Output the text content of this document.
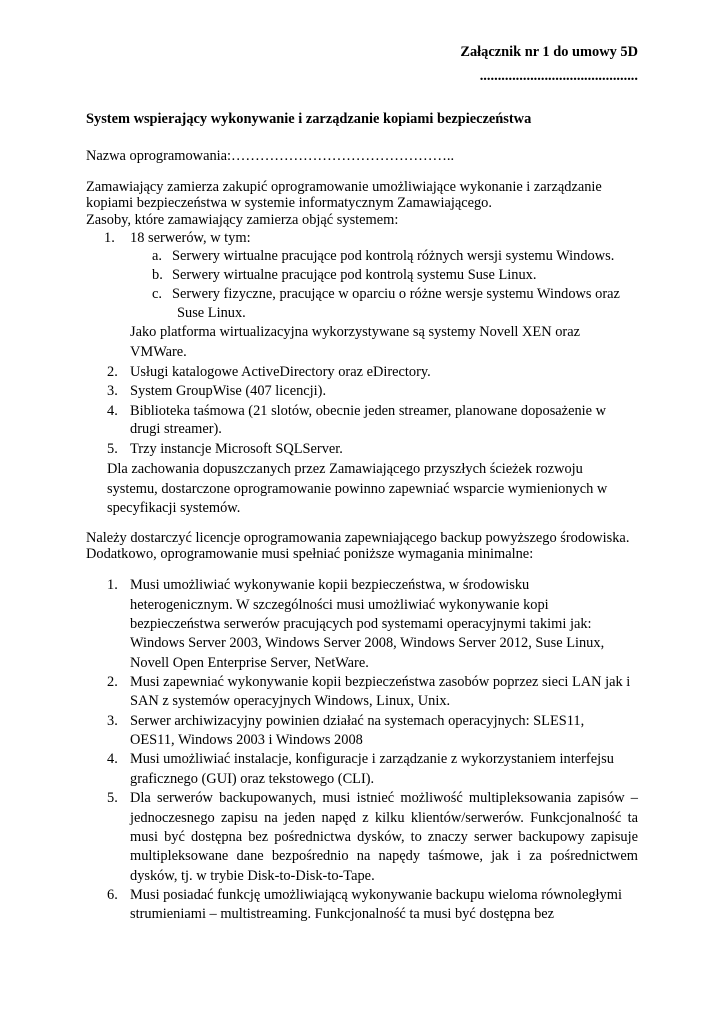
Załącznik nr 1 do umowy 5D
............................................
System wspierający wykonywanie i zarządzanie kopiami bezpieczeństwa
Nazwa oprogramowania:………………………………………..
Zamawiający zamierza zakupić oprogramowanie umożliwiające wykonanie i zarządzanie
kopiami bezpieczeństwa w systemie informatycznym Zamawiającego.
Zasoby, które zamawiający zamierza objąć systemem:
1. 18 serwerów, w tym:
a. Serwery wirtualne pracujące pod kontrolą różnych wersji systemu Windows.
b. Serwery wirtualne pracujące pod kontrolą systemu Suse Linux.
c. Serwery fizyczne, pracujące w oparciu o różne wersje systemu Windows oraz
Suse Linux.
Jako platforma wirtualizacyjna wykorzystywane są systemy Novell XEN oraz
VMWare.
2. Usługi katalogowe ActiveDirectory oraz eDirectory.
3. System GroupWise (407 licencji).
4. Biblioteka taśmowa (21 slotów, obecnie jeden streamer, planowane doposażenie w
drugi streamer).
5. Trzy instancje Microsoft SQLServer.
Dla zachowania dopuszczanych przez Zamawiającego przyszłych ścieżek rozwoju
systemu, dostarczone oprogramowanie powinno zapewniać wsparcie wymienionych w
specyfikacji systemów.
Należy dostarczyć licencje oprogramowania zapewniającego backup powyższego środowiska.
Dodatkowo, oprogramowanie musi spełniać poniższe wymagania minimalne:
1. Musi umożliwiać wykonywanie kopii bezpieczeństwa, w środowisku
heterogenicznym. W szczególności musi umożliwiać wykonywanie kopi
bezpieczeństwa serwerów pracujących pod systemami operacyjnymi takimi jak:
Windows Server 2003, Windows Server 2008, Windows Server 2012, Suse Linux,
Novell Open Enterprise Server, NetWare.
2. Musi zapewniać wykonywanie kopii bezpieczeństwa zasobów poprzez sieci LAN jak i
SAN z systemów operacyjnych Windows, Linux, Unix.
3. Serwer archiwizacyjny powinien działać na systemach operacyjnych: SLES11,
OES11, Windows 2003 i Windows 2008
4. Musi umożliwiać instalacje, konfiguracje i zarządzanie z wykorzystaniem interfejsu
graficznego (GUI) oraz tekstowego (CLI).
5. Dla serwerów backupowanych, musi istnieć możliwość multipleksowania zapisów –
jednoczesnego zapisu na jeden napęd z kilku klientów/serwerów. Funkcjonalność ta
musi być dostępna bez pośrednictwa dysków, to znaczy serwer backupowy zapisuje
multipleksowane dane bezpośrednio na napędy taśmowe, jak i za pośrednictwem
dysków, tj. w trybie Disk-to-Disk-to-Tape.
6. Musi posiadać funkcję umożliwiającą wykonywanie backupu wieloma równoległymi
strumieniami – multistreaming. Funkcjonalność ta musi być dostępna bez
